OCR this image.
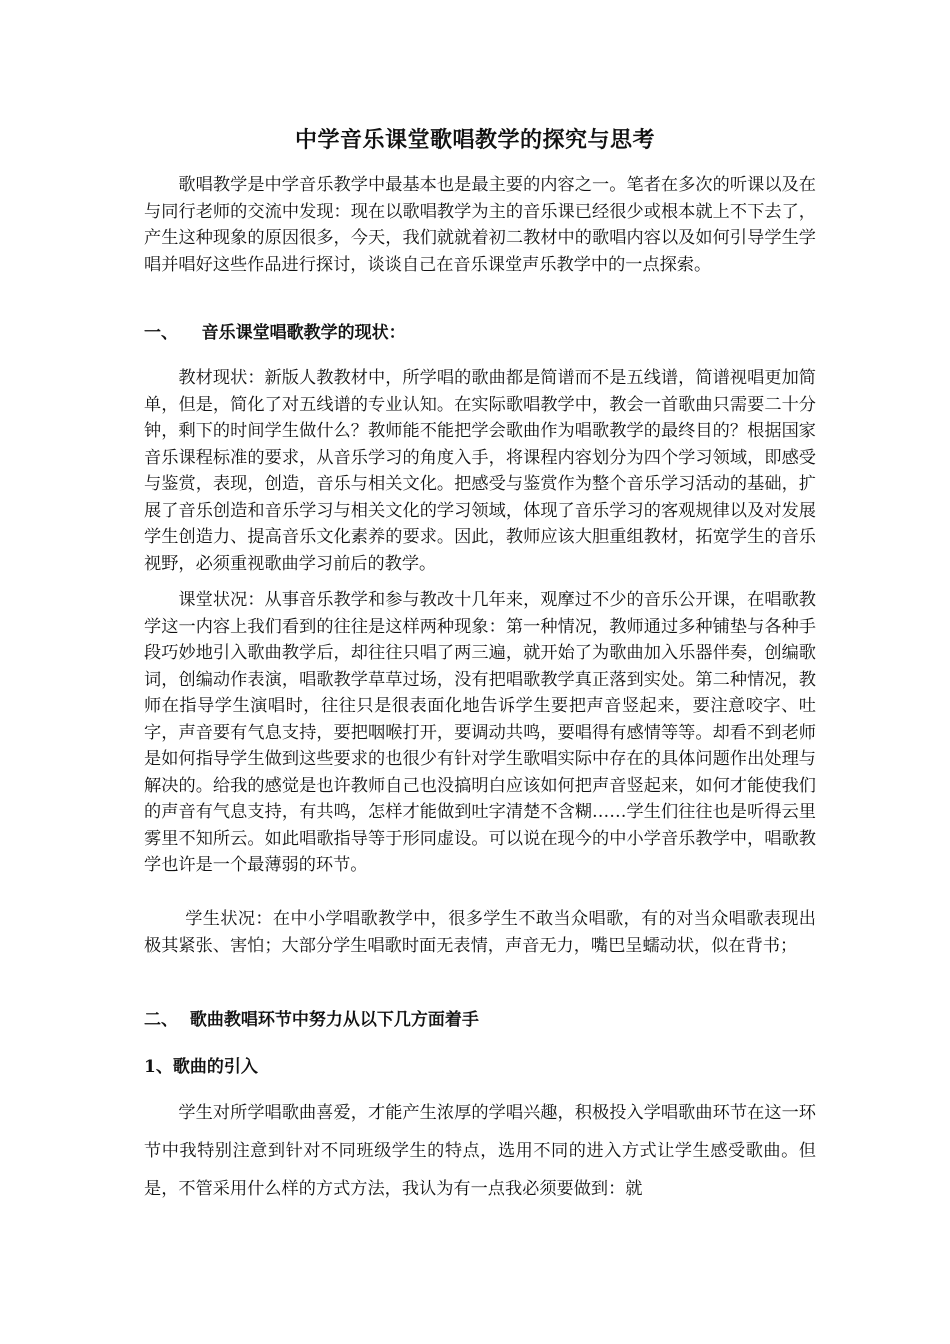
中学音乐课堂歌唱教学的探究与思考

歌唱教学是中学音乐教学中最基本也是最主要的内容之一。笔者在多次的听课以及在与同行老师的交流中发现：现在以歌唱教学为主的音乐课已经很少或根本就上不下去了，产生这种现象的原因很多，今天，我们就就着初二教材中的歌唱内容以及如何引导学生学唱并唱好这些作品进行探讨，谈谈自己在音乐课堂声乐教学中的一点探索。

一、    音乐课堂唱歌教学的现状：

教材现状：新版人教教材中，所学唱的歌曲都是简谱而不是五线谱，简谱视唱更加简单，但是，简化了对五线谱的专业认知。在实际歌唱教学中，教会一首歌曲只需要二十分钟，剩下的时间学生做什么？教师能不能把学会歌曲作为唱歌教学的最终目的？根据国家音乐课程标准的要求，从音乐学习的角度入手，将课程内容划分为四个学习领域，即感受与鉴赏，表现，创造，音乐与相关文化。把感受与鉴赏作为整个音乐学习活动的基础，扩展了音乐创造和音乐学习与相关文化的学习领域，体现了音乐学习的客观规律以及对发展学生创造力、提高音乐文化素养的要求。因此，教师应该大胆重组教材，拓宽学生的音乐视野，必须重视歌曲学习前后的教学。

课堂状况：从事音乐教学和参与教改十几年来，观摩过不少的音乐公开课，在唱歌教学这一内容上我们看到的往往是这样两种现象：第一种情况，教师通过多种铺垫与各种手段巧妙地引入歌曲教学后，却往往只唱了两三遍，就开始了为歌曲加入乐器伴奏，创编歌词，创编动作表演，唱歌教学草草过场，没有把唱歌教学真正落到实处。第二种情况，教师在指导学生演唱时，往往只是很表面化地告诉学生要把声音竖起来，要注意咬字、吐字，声音要有气息支持，要把咽喉打开，要调动共鸣，要唱得有感情等等。却看不到老师是如何指导学生做到这些要求的也很少有针对学生歌唱实际中存在的具体问题作出处理与解决的。给我的感觉是也许教师自己也没搞明白应该如何把声音竖起来，如何才能使我们的声音有气息支持，有共鸣，怎样才能做到吐字清楚不含糊……学生们往往也是听得云里雾里不知所云。如此唱歌指导等于形同虚设。可以说在现今的中小学音乐教学中，唱歌教学也许是一个最薄弱的环节。

学生状况：在中小学唱歌教学中，很多学生不敢当众唱歌，有的对当众唱歌表现出极其紧张、害怕；大部分学生唱歌时面无表情，声音无力，嘴巴呈蠕动状，似在背书；

二、  歌曲教唱环节中努力从以下几方面着手
1、歌曲的引入

学生对所学唱歌曲喜爱，才能产生浓厚的学唱兴趣，积极投入学唱歌曲环节在这一环节中我特别注意到针对不同班级学生的特点，选用不同的进入方式让学生感受歌曲。但是，不管采用什么样的方式方法，我认为有一点我必须要做到：就
